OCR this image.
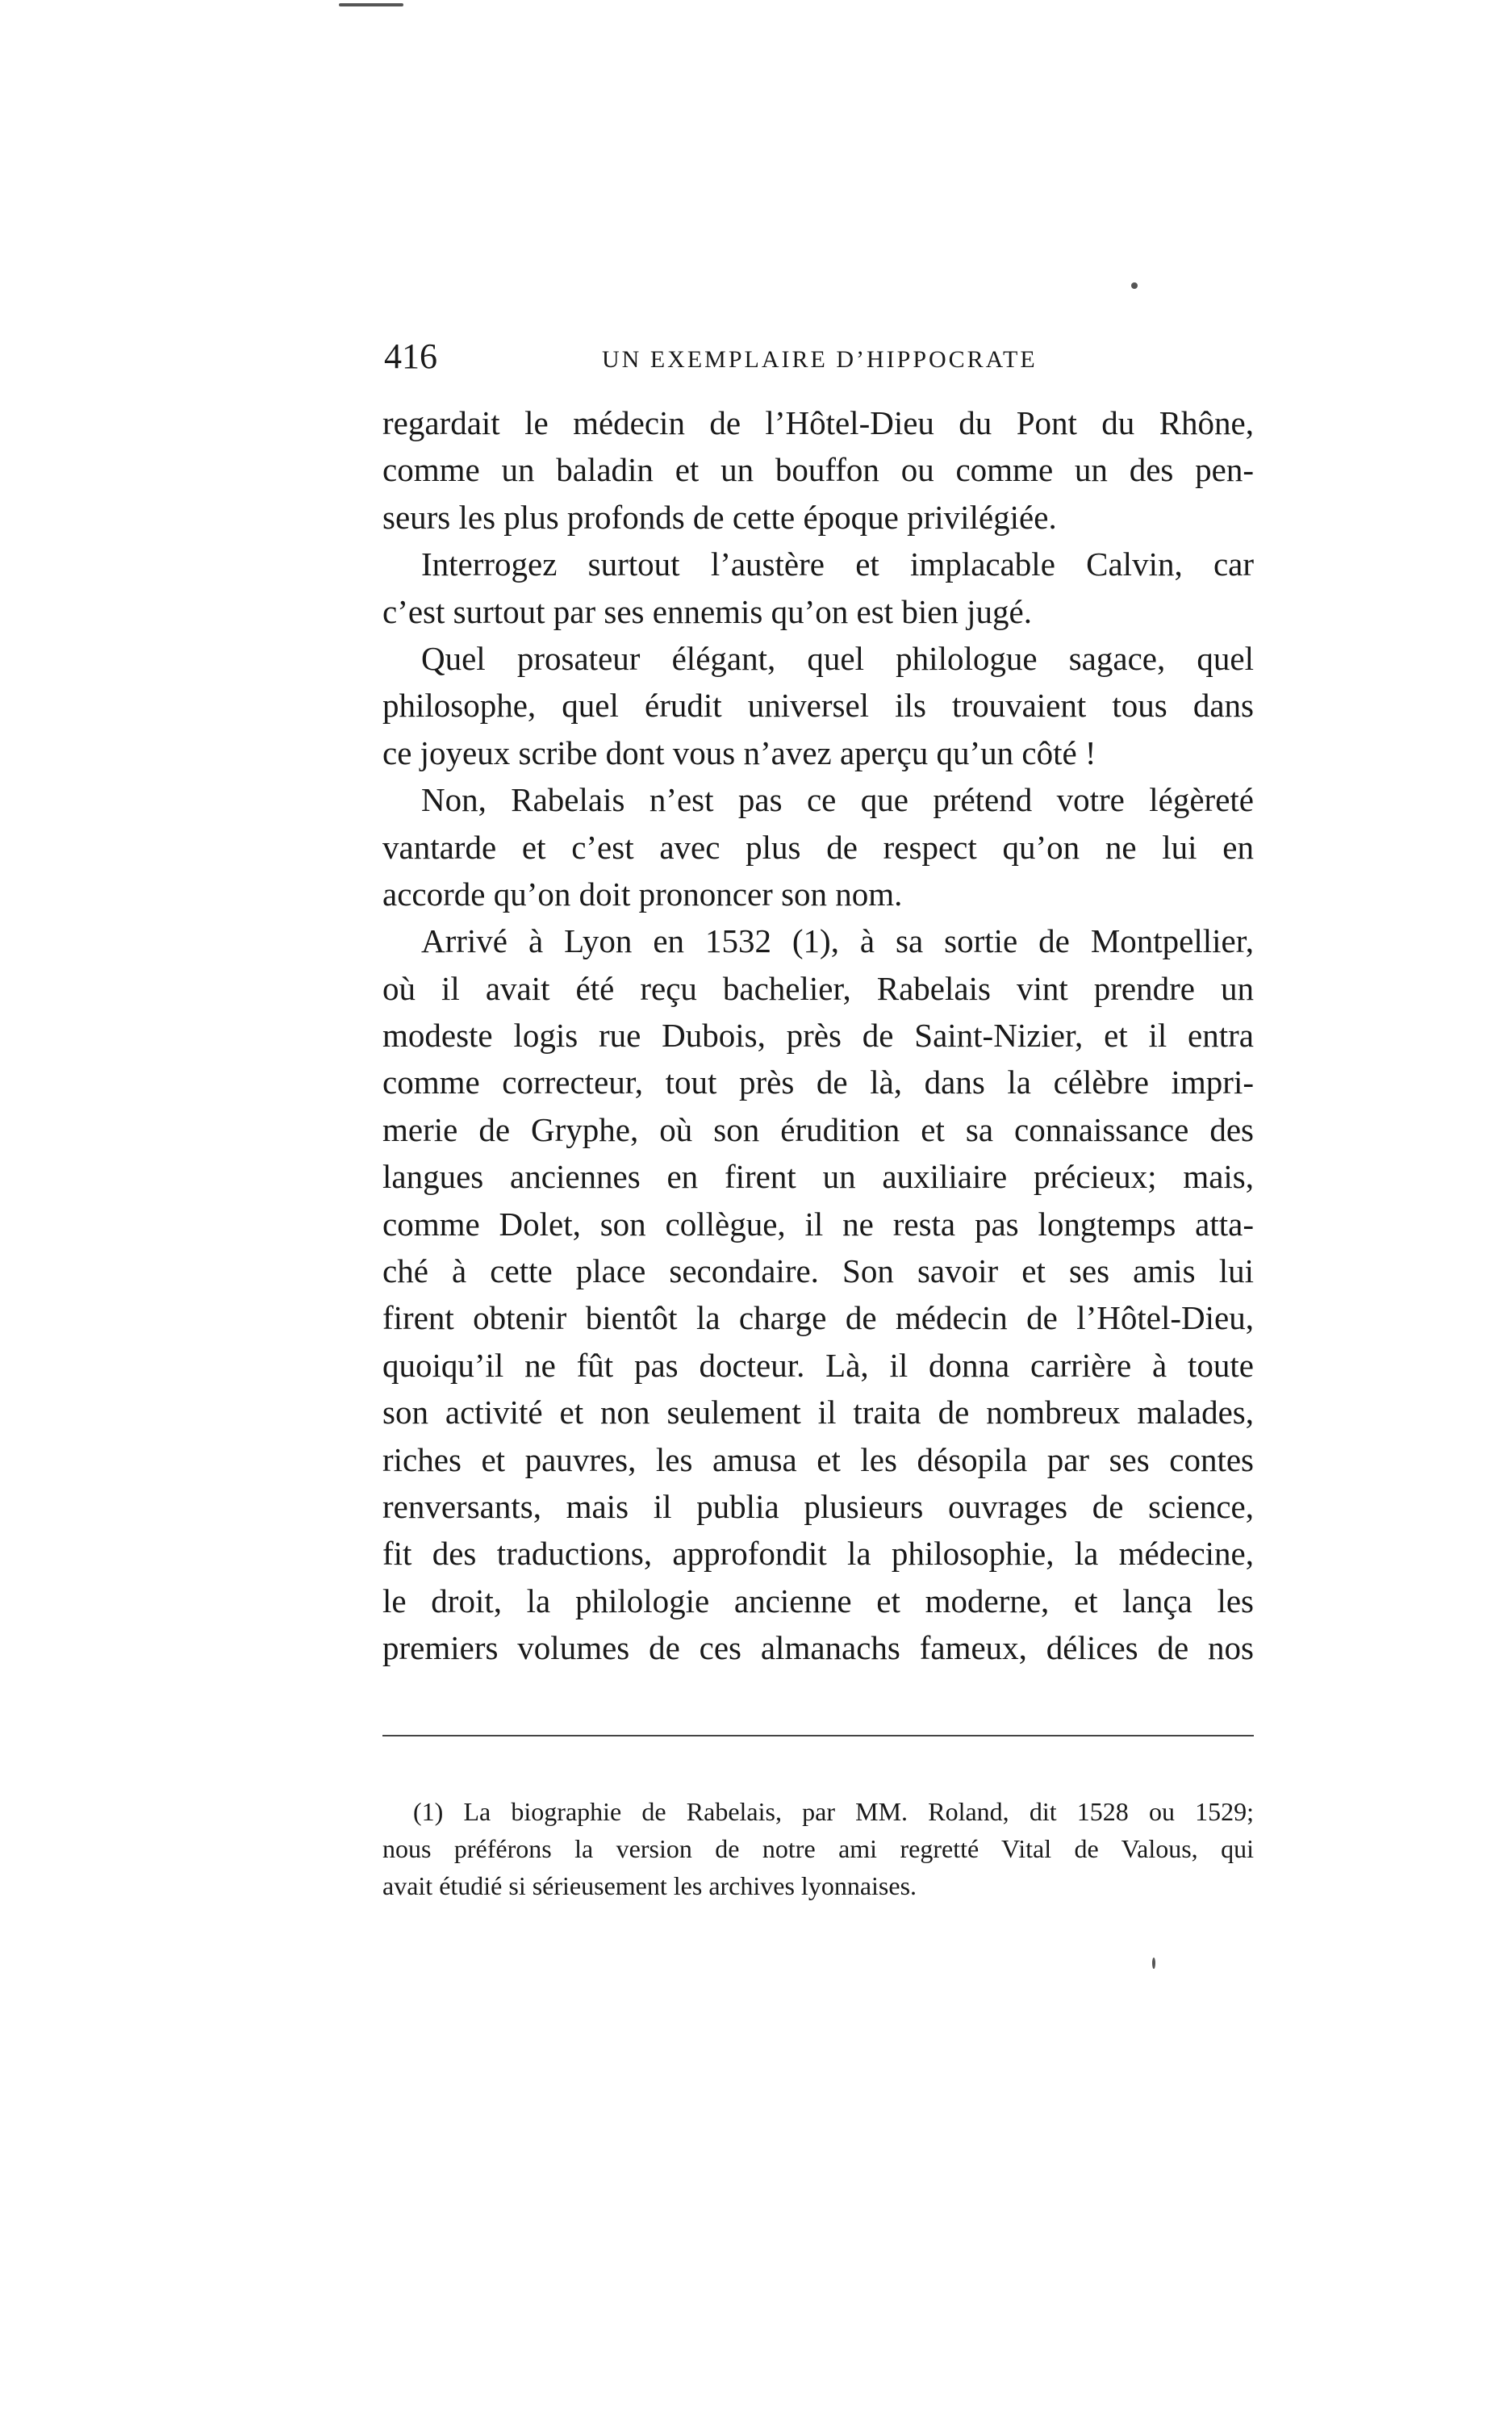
416	UN EXEMPLAIRE D’HIPPOCRATE
regardait le médecin de l’Hôtel-Dieu du Pont du Rhône,
comme un baladin et un bouffon ou comme un des pen-
seurs les plus profonds de cette époque privilégiée.
Interrogez surtout l’austère et implacable Calvin, car
c’est surtout par ses ennemis qu’on est bien jugé.
Quel prosateur élégant, quel philologue sagace, quel
philosophe, quel érudit universel ils trouvaient tous dans
ce joyeux scribe dont vous n’avez aperçu qu’un côté !
Non, Rabelais n’est pas ce que prétend votre légèreté
vantarde et c’est avec plus de respect qu’on ne lui en
accorde qu’on doit prononcer son nom.
Arrivé à Lyon en 1532 (1), à sa sortie de Montpellier,
où il avait été reçu bachelier, Rabelais vint prendre un
modeste logis rue Dubois, près de Saint-Nizier, et il entra
comme correcteur, tout près de là, dans la célèbre impri-
merie de Gryphe, où son érudition et sa connaissance des
langues anciennes en firent un auxiliaire précieux; mais,
comme Dolet, son collègue, il ne resta pas longtemps atta-
ché à cette place secondaire. Son savoir et ses amis lui
firent obtenir bientôt la charge de médecin de l’Hôtel-Dieu,
quoiqu’il ne fût pas docteur. Là, il donna carrière à toute
son activité et non seulement il traita de nombreux malades,
riches et pauvres, les amusa et les désopila par ses contes
renversants, mais il publia plusieurs ouvrages de science,
fit des traductions, approfondit la philosophie, la médecine,
le droit, la philologie ancienne et moderne, et lança les
premiers volumes de ces almanachs fameux, délices de nos
(1) La biographie de Rabelais, par MM. Roland, dit 1528 ou 1529;
nous préférons la version de notre ami regretté Vital de Valous, qui
avait étudié si sérieusement les archives lyonnaises.
